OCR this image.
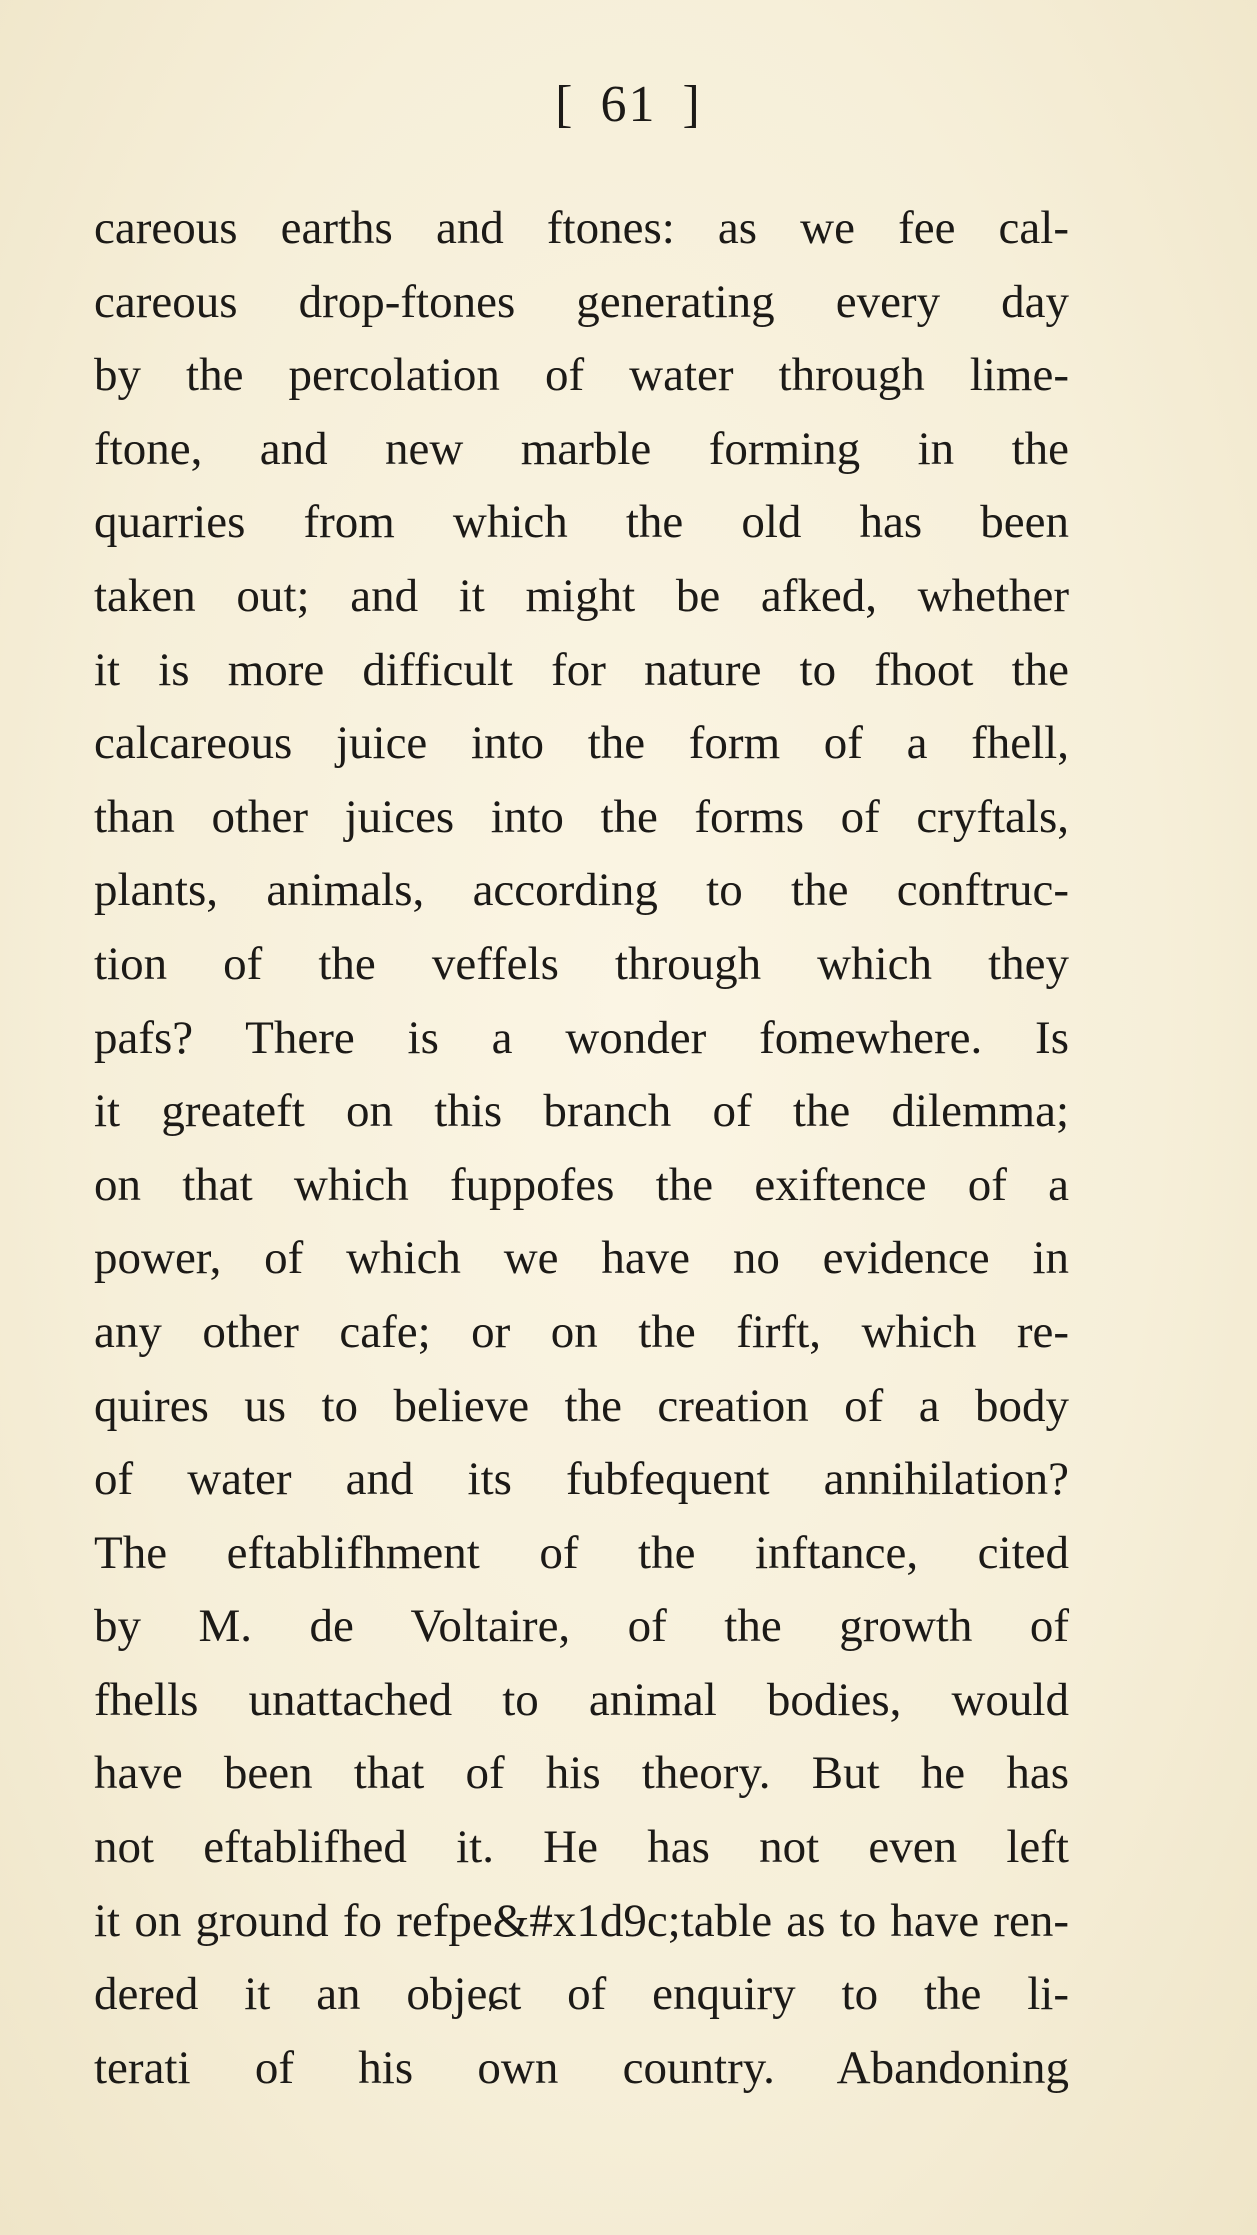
[ 61 ]
careous earths and ftones: as we fee cal-
careous drop-ftones generating every day
by the percolation of water through lime-
ftone, and new marble forming in the
quarries from which the old has been
taken out; and it might be afked, whether
it is more difficult for nature to fhoot the
calcareous juice into the form of a fhell,
than other juices into the forms of cryftals,
plants, animals, according to the conftruc-
tion of the veffels through which they
pafs? There is a wonder fomewhere. Is
it greateft on this branch of the dilemma;
on that which fuppofes the exiftence of a
power, of which we have no evidence in
any other cafe; or on the firft, which re-
quires us to believe the creation of a body
of water and its fubfequent annihilation?
The eftablifhment of the inftance, cited
by M. de Voltaire, of the growth of
fhells unattached to animal bodies, would
have been that of his theory. But he has
not eftablifhed it. He has not even left
it on ground fo refpe&#x1d9c;table as to have ren-
dered it an objeɕt of enquiry to the li-
terati of his own country. Abandoning
